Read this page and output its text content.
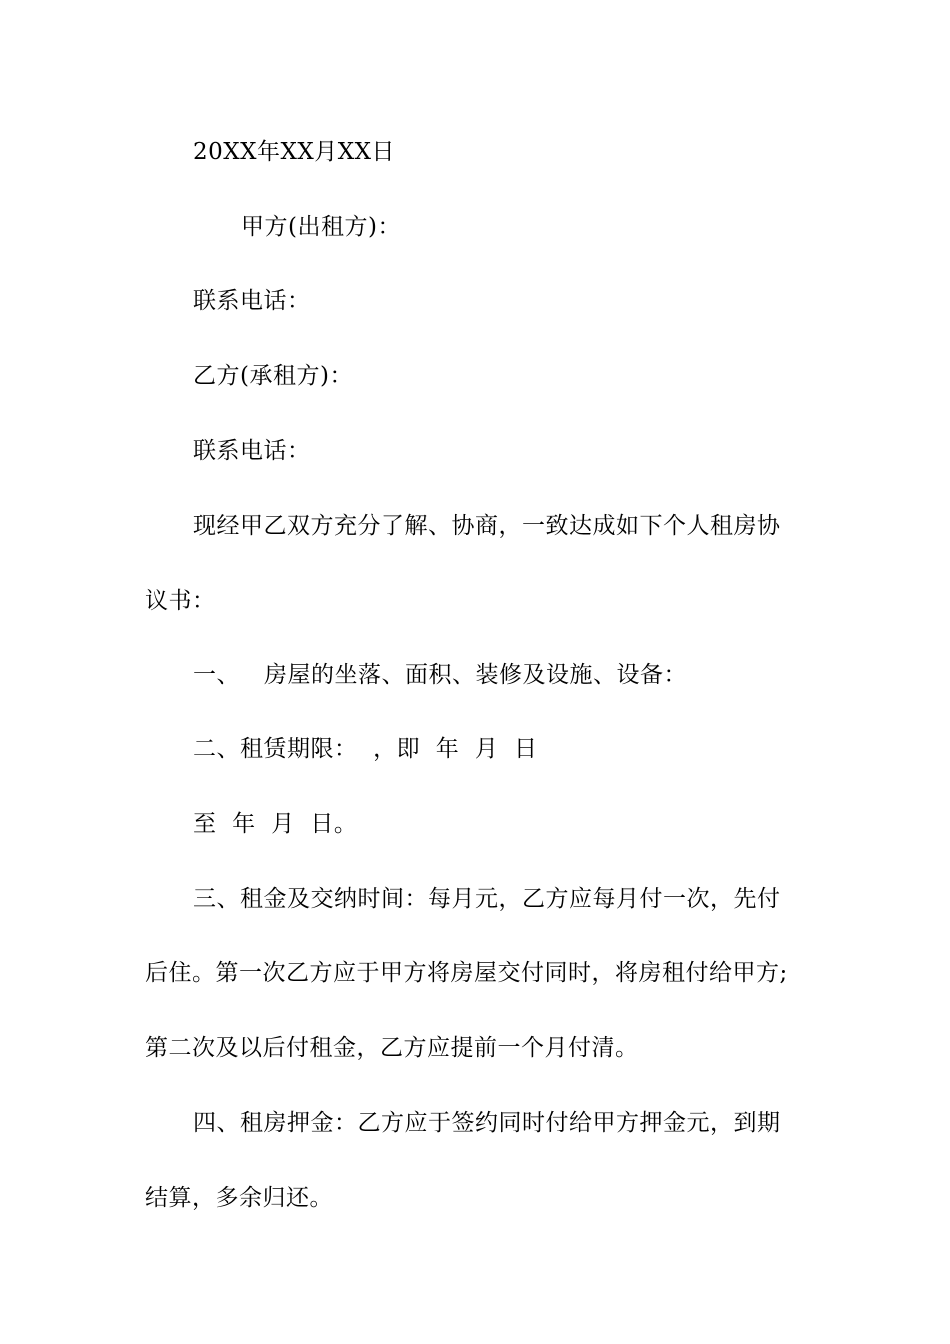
20XX年XX月XX日
甲方(出租方)：
联系电话：
乙方(承租方)：
联系电话：
现经甲乙双方充分了解、协商，一致达成如下个人租房协
议书：
一、 房屋的坐落、面积、装修及设施、设备：
二、租赁期限：  ，即  年  月  日
至  年  月  日。
三、租金及交纳时间：每月元，乙方应每月付一次，先付
后住。第一次乙方应于甲方将房屋交付同时，将房租付给甲方;
第二次及以后付租金，乙方应提前一个月付清。
四、租房押金：乙方应于签约同时付给甲方押金元，到期
结算，多余归还。
